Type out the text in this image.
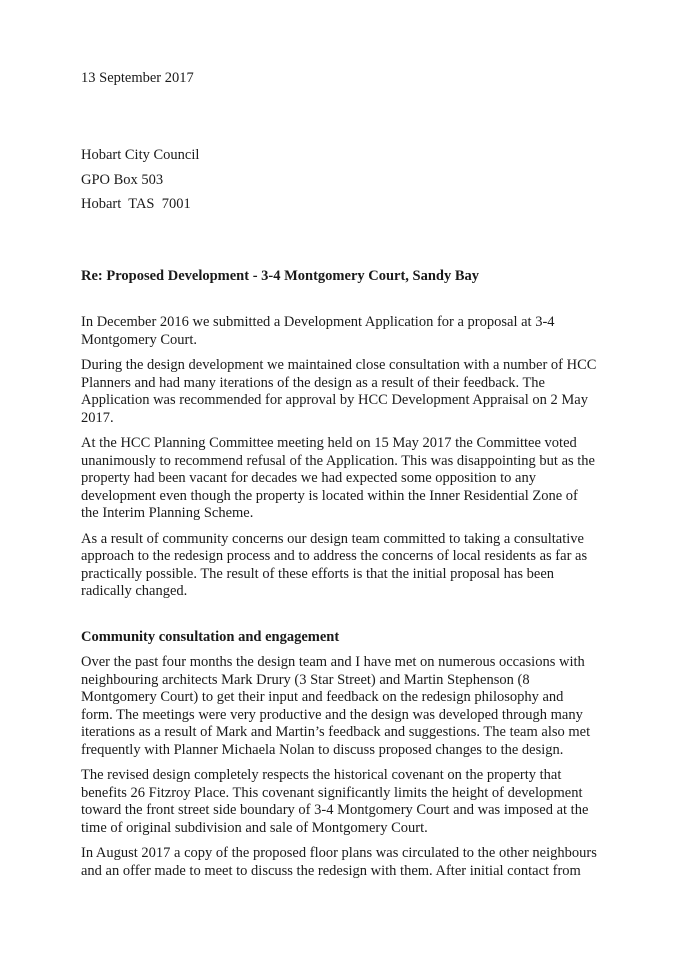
13 September 2017

Hobart City Council
GPO Box 503
Hobart  TAS  7001

Re: Proposed Development - 3-4 Montgomery Court, Sandy Bay

In December 2016 we submitted a Development Application for a proposal at 3-4
Montgomery Court.

During the design development we maintained close consultation with a number of HCC
Planners and had many iterations of the design as a result of their feedback. The
Application was recommended for approval by HCC Development Appraisal on 2 May
2017.

At the HCC Planning Committee meeting held on 15 May 2017 the Committee voted
unanimously to recommend refusal of the Application. This was disappointing but as the
property had been vacant for decades we had expected some opposition to any
development even though the property is located within the Inner Residential Zone of
the Interim Planning Scheme.

As a result of community concerns our design team committed to taking a consultative
approach to the redesign process and to address the concerns of local residents as far as
practically possible. The result of these efforts is that the initial proposal has been
radically changed.

Community consultation and engagement

Over the past four months the design team and I have met on numerous occasions with
neighbouring architects Mark Drury (3 Star Street) and Martin Stephenson (8
Montgomery Court) to get their input and feedback on the redesign philosophy and
form. The meetings were very productive and the design was developed through many
iterations as a result of Mark and Martin’s feedback and suggestions. The team also met
frequently with Planner Michaela Nolan to discuss proposed changes to the design.

The revised design completely respects the historical covenant on the property that
benefits 26 Fitzroy Place. This covenant significantly limits the height of development
toward the front street side boundary of 3-4 Montgomery Court and was imposed at the
time of original subdivision and sale of Montgomery Court.

In August 2017 a copy of the proposed floor plans was circulated to the other neighbours
and an offer made to meet to discuss the redesign with them. After initial contact from
